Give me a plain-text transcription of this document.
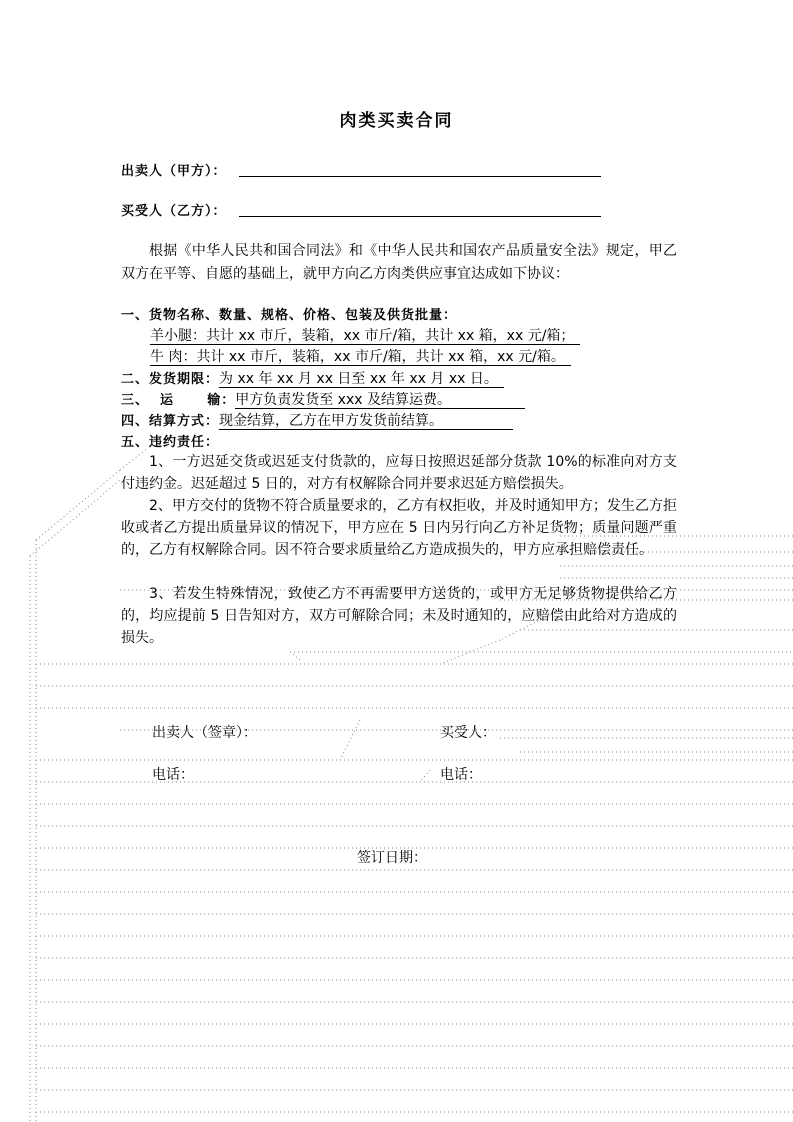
肉类买卖合同
出卖人（甲方）：
买受人（乙方）：
根据《中华人民共和国合同法》和《中华人民共和国农产品质量安全法》规定，甲乙双方在平等、自愿的基础上，就甲方向乙方肉类供应事宜达成如下协议：
一、货物名称、数量、规格、价格、包装及供货批量：
羊小腿：共计 xx 市斤，装箱，xx 市斤/箱，共计 xx 箱，xx 元/箱；
牛 肉：共计 xx 市斤，装箱，xx 市斤/箱，共计 xx 箱，xx 元/箱。
二、发货期限：为 xx 年 xx 月 xx 日至 xx 年 xx 月 xx 日。
三、  运      输：甲方负责发货至 xxx 及结算运费。
四、结算方式：现金结算，乙方在甲方发货前结算。
五、违约责任：
1、一方迟延交货或迟延支付货款的，应每日按照迟延部分货款 10%的标准向对方支付违约金。迟延超过 5 日的，对方有权解除合同并要求迟延方赔偿损失。
2、甲方交付的货物不符合质量要求的，乙方有权拒收，并及时通知甲方；发生乙方拒收或者乙方提出质量异议的情况下，甲方应在 5 日内另行向乙方补足货物；质量问题严重的，乙方有权解除合同。因不符合要求质量给乙方造成损失的，甲方应承担赔偿责任。
3、若发生特殊情况，致使乙方不再需要甲方送货的，或甲方无足够货物提供给乙方的，均应提前 5 日告知对方，双方可解除合同；未及时通知的，应赔偿由此给对方造成的损失。
出卖人（签章）：	买受人：
电话：	电话：
签订日期：
